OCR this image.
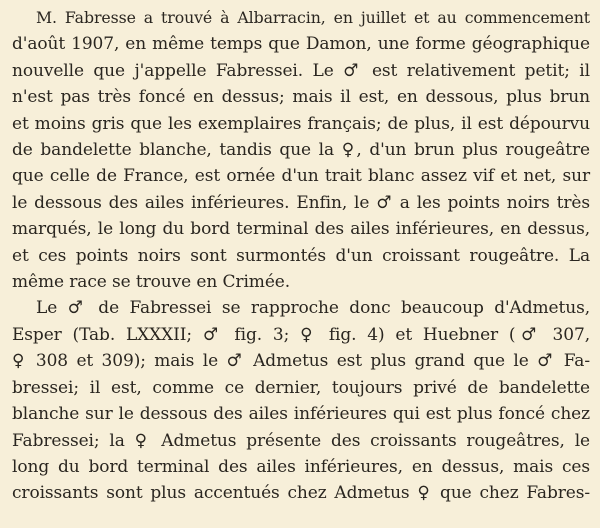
M. Fabresse a trouvé à Albarracin, en juillet et au commencement
d'août 1907, en même temps que Damon, une forme géographique
nouvelle que j'appelle Fabressei. Le ♂ est relativement petit; il
n'est pas très foncé en dessus; mais il est, en dessous, plus brun
et moins gris que les exemplaires français; de plus, il est dépourvu
de bandelette blanche, tandis que la ♀, d'un brun plus rougeâtre
que celle de France, est ornée d'un trait blanc assez vif et net, sur
le dessous des ailes inférieures. Enfin, le ♂ a les points noirs très
marqués, le long du bord terminal des ailes inférieures, en dessus,
et ces points noirs sont surmontés d'un croissant rougeâtre. La
même race se trouve en Crimée.

Le ♂ de Fabressei se rapproche donc beaucoup d'Admetus,
Esper (Tab. LXXXII; ♂ fig. 3; ♀ fig. 4) et Huebner (♂ 307,
♀ 308 et 309); mais le ♂ Admetus est plus grand que le ♂ Fa-
bressei; il est, comme ce dernier, toujours privé de bandelette
blanche sur le dessous des ailes inférieures qui est plus foncé chez
Fabressei; la ♀ Admetus présente des croissants rougeâtres, le
long du bord terminal des ailes inférieures, en dessus, mais ces
croissants sont plus accentués chez Admetus ♀ que chez Fabres-
